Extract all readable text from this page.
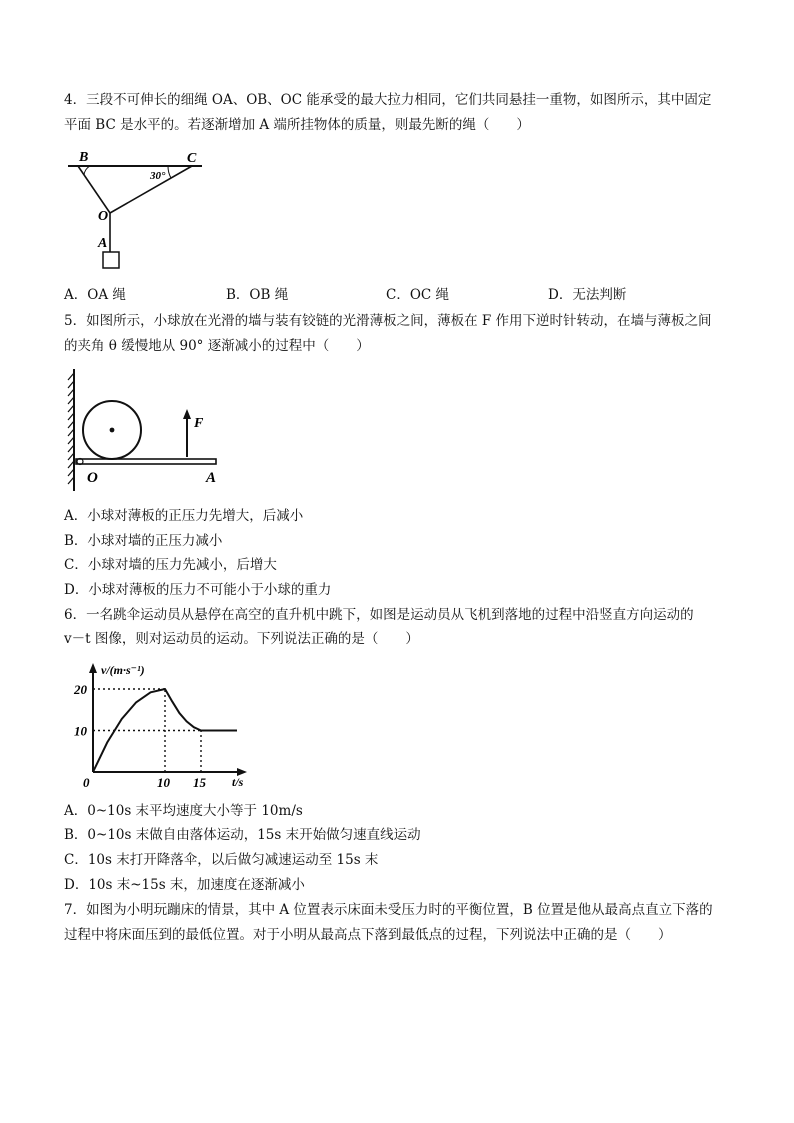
4．三段不可伸长的细绳 OA、OB、OC 能承受的最大拉力相同，它们共同悬挂一重物，如图所示，其中固定
平面 BC 是水平的。若逐渐增加 A 端所挂物体的质量，则最先断的绳（　　）
B	C
30°
O
A
A．OA 绳	B．OB 绳	C．OC 绳	D．无法判断
5．如图所示，小球放在光滑的墙与装有铰链的光滑薄板之间，薄板在 F 作用下逆时针转动，在墙与薄板之间
的夹角 θ 缓慢地从 90° 逐渐减小的过程中（　　）
F
O	A
A．小球对薄板的正压力先增大，后减小
B．小球对墙的正压力减小
C．小球对墙的压力先减小，后增大
D．小球对薄板的压力不可能小于小球的重力
6．一名跳伞运动员从悬停在高空的直升机中跳下，如图是运动员从飞机到落地的过程中沿竖直方向运动的
v－t 图像，则对运动员的运动。下列说法正确的是（　　）
v/(m·s⁻¹)
t/s
0	10 15
10
20
A．0~10s 末平均速度大小等于 10m/s
B．0~10s 末做自由落体运动，15s 末开始做匀速直线运动
C．10s 末打开降落伞，以后做匀减速运动至 15s 末
D．10s 末~15s 末，加速度在逐渐减小
7．如图为小明玩蹦床的情景，其中 A 位置表示床面未受压力时的平衡位置，B 位置是他从最高点直立下落的
过程中将床面压到的最低位置。对于小明从最高点下落到最低点的过程，下列说法中正确的是（　　）
